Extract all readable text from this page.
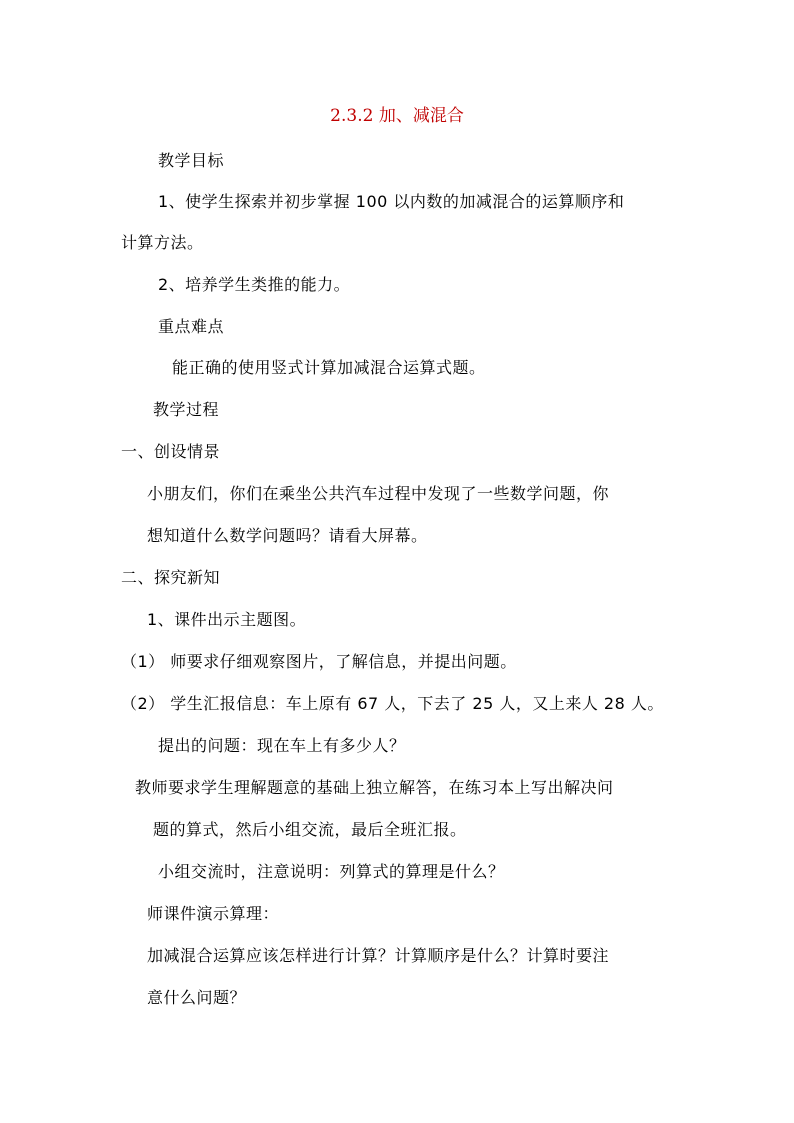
2.3.2 加、减混合
教学目标
1、使学生探索并初步掌握 100 以内数的加减混合的运算顺序和
计算方法。
2、培养学生类推的能力。
重点难点
能正确的使用竖式计算加减混合运算式题。
教学过程
一、创设情景
小朋友们，你们在乘坐公共汽车过程中发现了一些数学问题，你
想知道什么数学问题吗？请看大屏幕。
二、探究新知
1、课件出示主题图。
（1） 师要求仔细观察图片，了解信息，并提出问题。
（2） 学生汇报信息：车上原有 67 人，下去了 25 人，又上来人 28 人。
提出的问题：现在车上有多少人？
教师要求学生理解题意的基础上独立解答，在练习本上写出解决问
题的算式，然后小组交流，最后全班汇报。
小组交流时，注意说明：列算式的算理是什么？
师课件演示算理：
加减混合运算应该怎样进行计算？计算顺序是什么？计算时要注
意什么问题？
